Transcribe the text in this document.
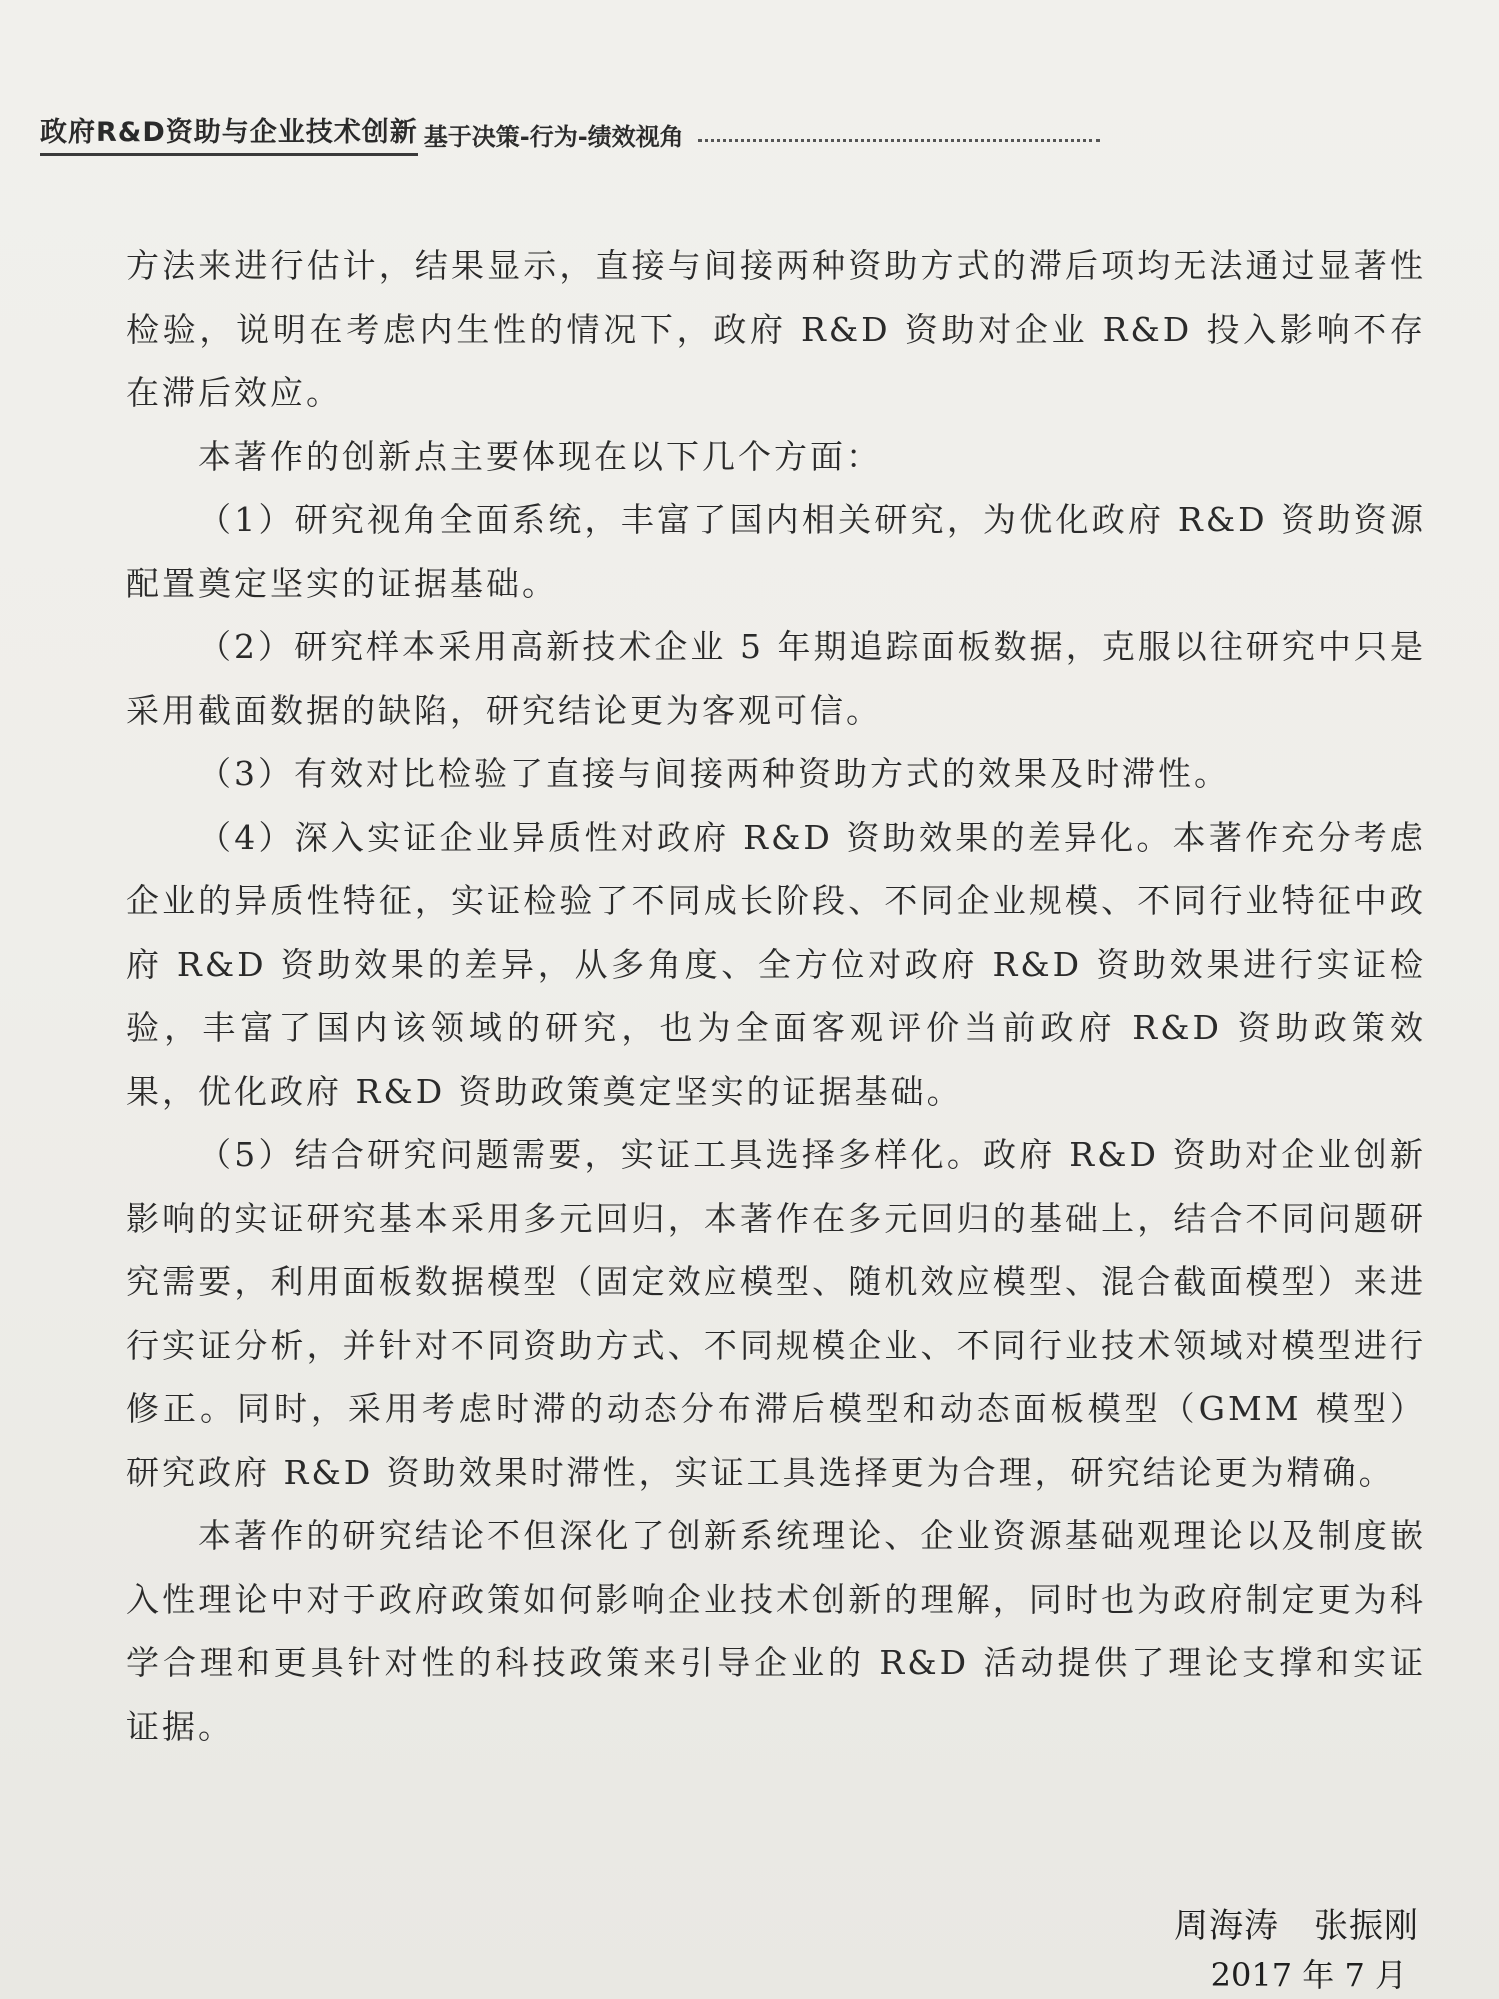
政府R&D资助与企业技术创新 基于决策-行为-绩效视角

方法来进行估计，结果显示，直接与间接两种资助方式的滞后项均无法通过显著性检验，说明在考虑内生性的情况下，政府 R&D 资助对企业 R&D 投入影响不存在滞后效应。

本著作的创新点主要体现在以下几个方面：

（1）研究视角全面系统，丰富了国内相关研究，为优化政府 R&D 资助资源配置奠定坚实的证据基础。

（2）研究样本采用高新技术企业 5 年期追踪面板数据，克服以往研究中只是采用截面数据的缺陷，研究结论更为客观可信。

（3）有效对比检验了直接与间接两种资助方式的效果及时滞性。

（4）深入实证企业异质性对政府 R&D 资助效果的差异化。本著作充分考虑企业的异质性特征，实证检验了不同成长阶段、不同企业规模、不同行业特征中政府 R&D 资助效果的差异，从多角度、全方位对政府 R&D 资助效果进行实证检验，丰富了国内该领域的研究，也为全面客观评价当前政府 R&D 资助政策效果，优化政府 R&D 资助政策奠定坚实的证据基础。

（5）结合研究问题需要，实证工具选择多样化。政府 R&D 资助对企业创新影响的实证研究基本采用多元回归，本著作在多元回归的基础上，结合不同问题研究需要，利用面板数据模型（固定效应模型、随机效应模型、混合截面模型）来进行实证分析，并针对不同资助方式、不同规模企业、不同行业技术领域对模型进行修正。同时，采用考虑时滞的动态分布滞后模型和动态面板模型（GMM 模型）研究政府 R&D 资助效果时滞性，实证工具选择更为合理，研究结论更为精确。

本著作的研究结论不但深化了创新系统理论、企业资源基础观理论以及制度嵌入性理论中对于政府政策如何影响企业技术创新的理解，同时也为政府制定更为科学合理和更具针对性的科技政策来引导企业的 R&D 活动提供了理论支撑和实证证据。

周海涛　张振刚
2017 年 7 月
